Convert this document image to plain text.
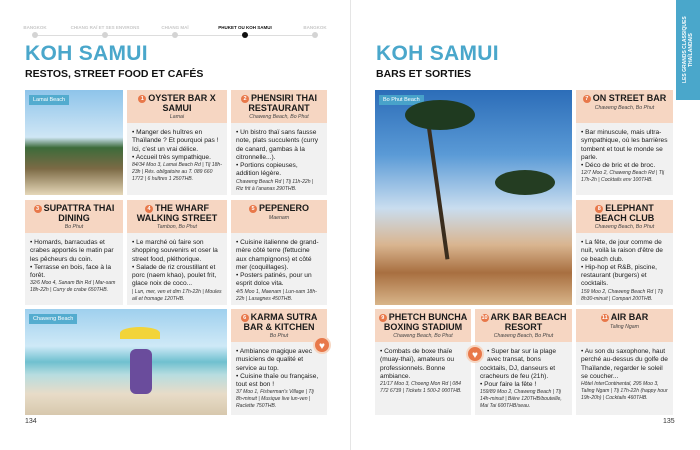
BANGKOK	CHIANG RAÏ ET SES ENVIRONS	CHIANG MAÏ	PHUKET OU KOH SAMUI	BANGKOK
KOH SAMUI
RESTOS, STREET FOOD ET CAFÉS
Lamai Beach	1 OYSTER BAR X SAMUI
Lamai

• Manger des huîtres en Thaïlande ? Et pourquoi pas ! Ici, c'est un vrai délice.

• Accueil très sympathique.

84/34 Moo 3, Lamai Beach Rd | Tlj 18h-23h | Rés. obligatoire au T. 089 660 1772 | 6 huîtres 1 250THB.

2 PHENSIRI THAI RESTAURANT
Chaweng Beach, Bo Phut

• Un bistro thaï sans fausse note, plats succulents (curry de canard, gambas à la citronnelle...).

• Portions copieuses, addition légère.

Chaweng Beach Rd | Tlj 11h-22h | Riz frit à l'ananas 290THB.

3 SUPATTRA THAI DINING
Bo Phut

• Homards, barracudas et crabes apportés le matin par les pêcheurs du coin.

• Terrasse en bois, face à la forêt.

32/6 Moo 4, Sanam Bin Rd | Mar-sam 18h-22h | Curry de crabe 650THB.

4 THE WHARF WALKING STREET
Tambon, Bo Phut

• Le marché où faire son shopping souvenirs et oser la street food, pléthorique.

• Salade de riz croustillant et porc (naem khao), poulet frit, glace noix de coco...

| Lun, mer, ven et dim 17h-22h | Moules ail et fromage 120THB.

5 PEPENERO
Maenam

• Cuisine italienne de grand-mère côté terre (fettucine aux champignons) et côté mer (coquillages).

• Posters patinés, pour un esprit dolce vita.

4/5 Moo 1, Maenam | Lun-sam 18h-22h | Lasagnes 450THB.

Chaweng Beach	6 KARMA SUTRA BAR & KITCHEN
Bo Phut

• Ambiance magique avec musiciens de qualité et service au top.

• Cuisine thaïe ou française, tout est bon !

37 Moo 1, Fisherman's Village | Tlj 8h-minuit | Musique live lun-ven | Raclette 750THB.

♥
134
KOH SAMUI
BARS ET SORTIES
Bo Phut Beach	7 ON STREET BAR
Chaweng Beach, Bo Phut

• Bar minuscule, mais ultra-sympathique, où les barrières tombent et tout le monde se parle.

• Déco de bric et de broc.

12/7 Moo 2, Chaweng Beach Rd | Tlj 17h-2h | Cocktails env 100THB.

8 ELEPHANT BEACH CLUB
Chaweng Beach, Bo Phut

• La fête, de jour comme de nuit, voilà la raison d'être de ce beach club.

• Hip-hop et R&B, piscine, restaurant (burgers) et cocktails.

159 Moo 2, Chaweng Beach Rd | Tlj 8h30-minuit | Compari 200THB.

9 PHETCH BUNCHA BOXING STADIUM
Chaweng Beach, Bo Phut

• Combats de boxe thaïe (muay-thaï), amateurs ou professionnels. Bonne ambiance.

21/17 Moo 3, Choeng Mon Rd | 084 772 6739 | Tickets 1 500-2 000THB.

10 ARK BAR BEACH RESORT
Chaweng Beach, Bo Phut

• Super bar sur la plage avec transat, bons cocktails, DJ, danseurs et cracheurs de feu (21h).

• Pour faire la fête !

159/89 Moo 2, Chaweng Beach | Tlj 14h-minuit | Bière 120THB/bouteille, Mai Tai 600THB/seau.

♥
11 AIR BAR
Taling Ngam

• Au son du saxophone, haut perché au-dessus du golfe de Thaïlande, regarder le soleil se coucher...

Hôtel InterContinental, 295 Moo 3, Taling Ngam | Tlj 17h-22h (happy hour 19h-20h) | Cocktails 460THB.

135
LES GRANDS CLASSIQUES THAÏLANDAIS
